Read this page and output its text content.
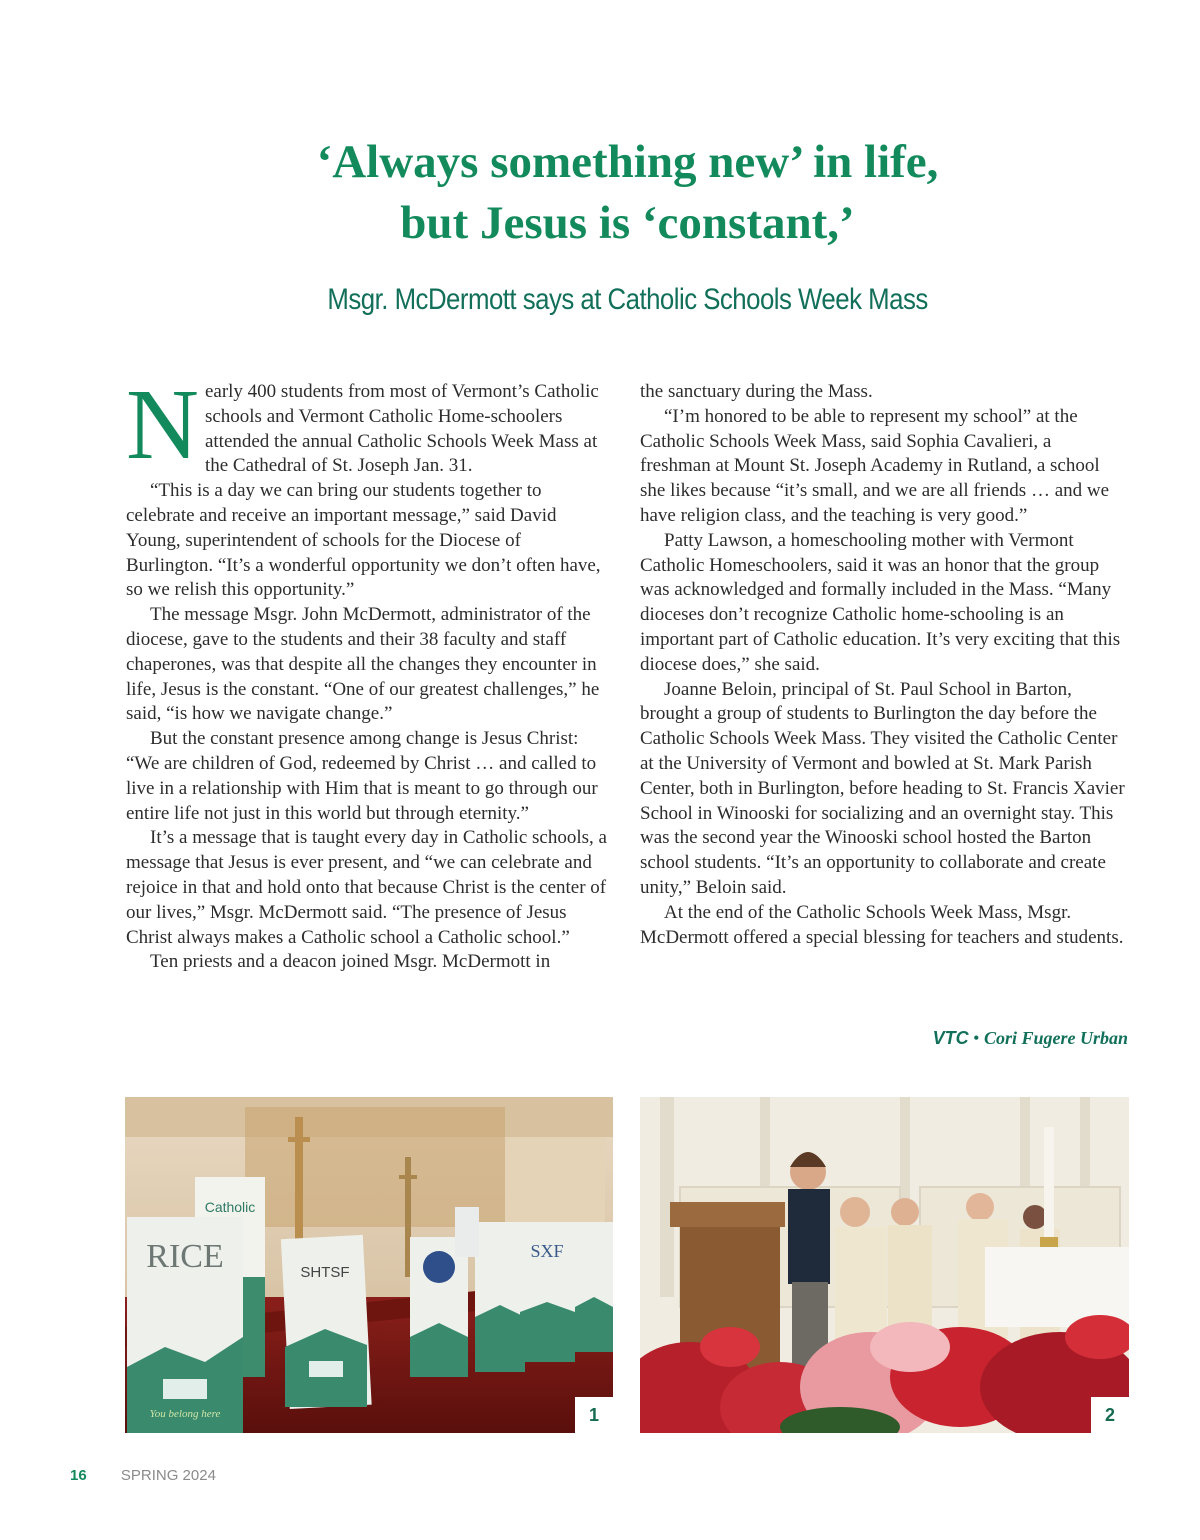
‘Always something new’ in life,
but Jesus is ‘constant,’
Msgr. McDermott says at Catholic Schools Week Mass

Nearly 400 students from most of Vermont’s Catholic schools and Vermont Catholic Home-schoolers attended the annual Catholic Schools Week Mass at the Cathedral of St. Joseph Jan. 31.

“This is a day we can bring our students together to celebrate and receive an important message,” said David Young, superintendent of schools for the Diocese of Burlington. “It’s a wonderful opportunity we don’t often have, so we relish this opportunity.”

The message Msgr. John McDermott, administrator of the diocese, gave to the students and their 38 faculty and staff chaperones, was that despite all the changes they encounter in life, Jesus is the constant. “One of our greatest challenges,” he said, “is how we navigate change.”

But the constant presence among change is Jesus Christ: “We are children of God, redeemed by Christ … and called to live in a relationship with Him that is meant to go through our entire life not just in this world but through eternity.”

It’s a message that is taught every day in Catholic schools, a message that Jesus is ever present, and “we can celebrate and rejoice in that and hold onto that because Christ is the center of our lives,” Msgr. McDermott said. “The presence of Jesus Christ always makes a Catholic school a Catholic school.”

Ten priests and a deacon joined Msgr. McDermott in

the sanctuary during the Mass.

“I’m honored to be able to represent my school” at the Catholic Schools Week Mass, said Sophia Cavalieri, a freshman at Mount St. Joseph Academy in Rutland, a school she likes because “it’s small, and we are all friends … and we have religion class, and the teaching is very good.”

Patty Lawson, a homeschooling mother with Vermont Catholic Homeschoolers, said it was an honor that the group was acknowledged and formally included in the Mass. “Many dioceses don’t recognize Catholic home-schooling is an important part of Catholic education. It’s very exciting that this diocese does,” she said.

Joanne Beloin, principal of St. Paul School in Barton, brought a group of students to Burlington the day before the Catholic Schools Week Mass. They visited the Catholic Center at the University of Vermont and bowled at St. Mark Parish Center, both in Burlington, before heading to St. Francis Xavier School in Winooski for socializing and an overnight stay. This was the second year the Winooski school hosted the Barton school students. “It’s an opportunity to collaborate and create unity,” Beloin said.

At the end of the Catholic Schools Week Mass, Msgr. McDermott offered a special blessing for teachers and students.

VTC • Cori Fugere Urban
Catholic
RICE
You belong here
SHTSF
SXF
1	2
16 SPRING 2024
